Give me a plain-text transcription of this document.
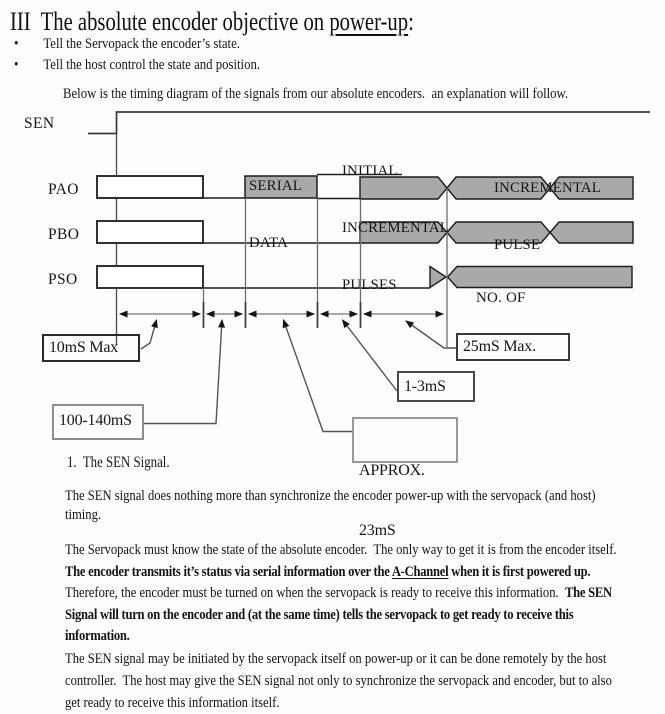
III  The absolute encoder objective on power-up:
• Tell the Servopack the encoder’s state.
• Tell the host control the state and position.
Below is the timing diagram of the signals from our absolute encoders.  an explanation will follow.
SEN
PAO
PBO
PSO

SERIAL

DATA

INITIAL

INCREMENTAL

PULSES

INCREMENTAL

PULSE

NO. OF
10mS Max
100-140mS

APPROX.

23mS

1-3mS
25mS Max.
1.  The SEN Signal.
The SEN signal does nothing more than synchronize the encoder power-up with the servopack (and host)  timing.
The Servopack must know the state of the absolute encoder.  The only way to get it is from the encoder itself.  The encoder transmits it’s status via serial information over the A-Channel when it is first powered up.  Therefore, the encoder must be turned on when the servopack is ready to receive this information.  The SEN Signal will turn on the encoder and (at the same time) tells the servopack to get ready to receive this information.
The SEN signal may be initiated by the servopack itself on power-up or it can be done remotely by the host controller.  The host may give the SEN signal not only to synchronize the servopack and encoder, but to also get ready to receive this information itself.
